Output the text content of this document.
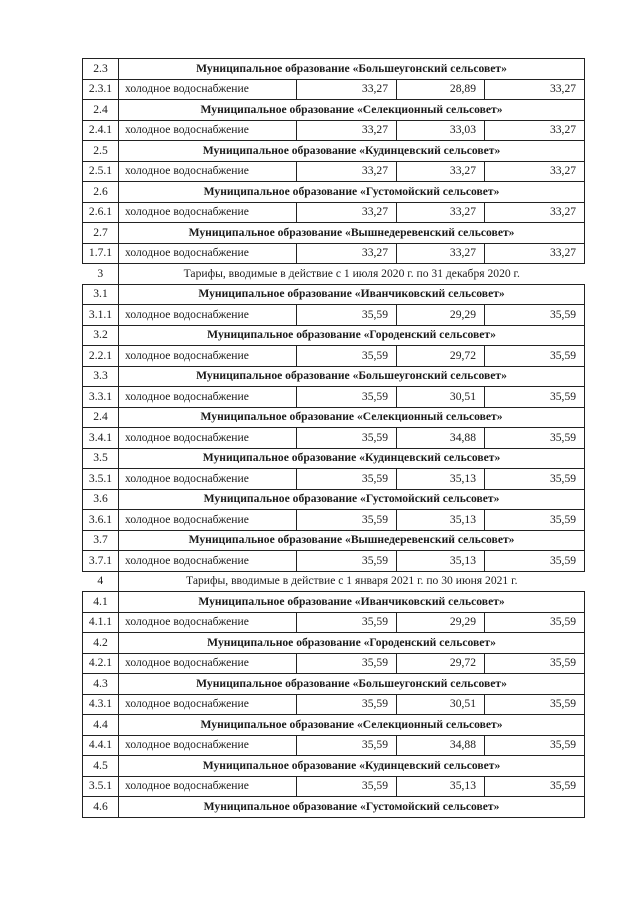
2.3	Муниципальное образование «Большеугонский сельсовет»			
2.3.1	холодное водоснабжение	33,27	28,89	33,27
2.4	Муниципальное образование «Селекционный сельсовет»			
2.4.1	холодное водоснабжение	33,27	33,03	33,27
2.5	Муниципальное образование «Кудинцевский сельсовет»			
2.5.1	холодное водоснабжение	33,27	33,27	33,27
2.6	Муниципальное образование «Густомойский сельсовет»			
2.6.1	холодное водоснабжение	33,27	33,27	33,27
2.7	Муниципальное образование «Вышнедеревенский сельсовет»			
1.7.1	холодное водоснабжение	33,27	33,27	33,27
3	Тарифы, вводимые в действие с 1 июля 2020 г. по 31 декабря 2020 г.			
3.1	Муниципальное образование «Иванчиковский сельсовет»			
3.1.1	холодное водоснабжение	35,59	29,29	35,59
3.2	Муниципальное образование «Городенский сельсовет»			
2.2.1	холодное водоснабжение	35,59	29,72	35,59
3.3	Муниципальное образование «Большеугонский сельсовет»			
3.3.1	холодное водоснабжение	35,59	30,51	35,59
2.4	Муниципальное образование «Селекционный сельсовет»			
3.4.1	холодное водоснабжение	35,59	34,88	35,59
3.5	Муниципальное образование «Кудинцевский сельсовет»			
3.5.1	холодное водоснабжение	35,59	35,13	35,59
3.6	Муниципальное образование «Густомойский сельсовет»			
3.6.1	холодное водоснабжение	35,59	35,13	35,59
3.7	Муниципальное образование «Вышнедеревенский сельсовет»			
3.7.1	холодное водоснабжение	35,59	35,13	35,59
4	Тарифы, вводимые в действие с 1 января 2021 г. по 30 июня 2021 г.			
4.1	Муниципальное образование «Иванчиковский сельсовет»			
4.1.1	холодное водоснабжение	35,59	29,29	35,59
4.2	Муниципальное образование «Городенский сельсовет»			
4.2.1	холодное водоснабжение	35,59	29,72	35,59
4.3	Муниципальное образование «Большеугонский сельсовет»			
4.3.1	холодное водоснабжение	35,59	30,51	35,59
4.4	Муниципальное образование «Селекционный сельсовет»			
4.4.1	холодное водоснабжение	35,59	34,88	35,59
4.5	Муниципальное образование «Кудинцевский сельсовет»			
3.5.1	холодное водоснабжение	35,59	35,13	35,59
4.6	Муниципальное образование «Густомойский сельсовет»			
